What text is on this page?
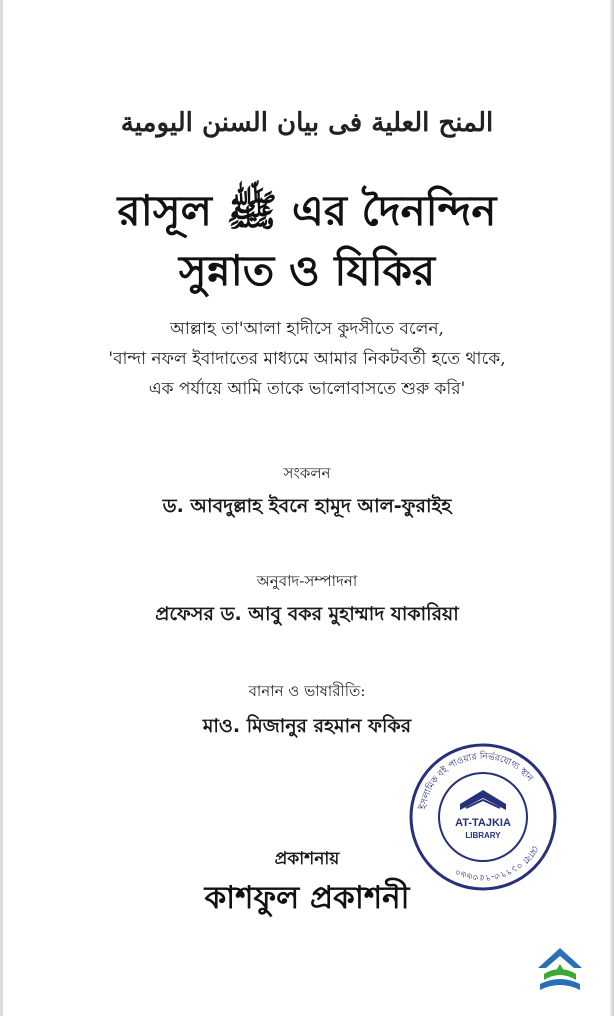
المنح العلية فى بيان السنن اليومية
রাসূল ﷺ এর দৈনন্দিন
সুন্নাত ও যিকির
আল্লাহ তা'আলা হাদীসে কুদসীতে বলেন,
'বান্দা নফল ইবাদাতের মাধ্যমে আমার নিকটবর্তী হতে থাকে,
এক পর্যায়ে আমি তাকে ভালোবাসতে শুরু করি'
সংকলন
ড. আবদুল্লাহ ইবনে হামূদ আল-ফুরাইহ
অনুবাদ-সম্পাদনা
প্রফেসর ড. আবু বকর মুহাম্মাদ যাকারিয়া
বানান ও ভাষারীতি:
মাও. মিজানুর রহমান ফকির
প্রকাশনায়
কাশফুল প্রকাশনী
ইসলামিক বই পাওয়ার নির্ভরযোগ্য স্থান
মোবা ০১৭৭৩-৭৫৩৬৬০
AT-TAJKIA
LIBRARY
